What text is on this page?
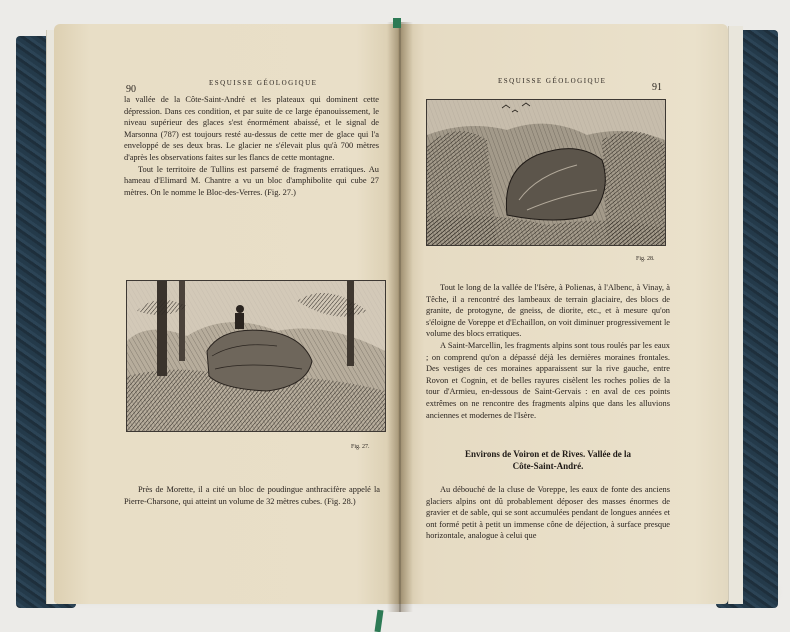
90
ESQUISSE GÉOLOGIQUE

la vallée de la Côte-Saint-André et les plateaux qui dominent cette dépression. Dans ces condition, et par suite de ce large épanouissement, le niveau supérieur des glaces s'est énormément abaissé, et le signal de Marsonna (787) est toujours resté au-dessus de cette mer de glace qui l'a enveloppé de ses deux bras. Le glacier ne s'élevait plus qu'à 700 mètres d'après les observations faites sur les flancs de cette montagne.

Tout le territoire de Tullins est parsemé de fragments erratiques. Au hameau d'Elimard M. Chantre a vu un bloc d'amphibolite qui cube 27 mètres. On le nomme le Bloc-des-Verres. (Fig. 27.)

Fig. 27.
Près de Morette, il a cité un bloc de poudingue anthracifère appelé la Pierre-Charsone, qui atteint un volume de 32 mètres cubes. (Fig. 28.)
ESQUISSE GÉOLOGIQUE
91
Fig. 28.

Tout le long de la vallée de l'Isère, à Polienas, à l'Albenc, à Vinay, à Têche, il a rencontré des lambeaux de terrain glaciaire, des blocs de granite, de protogyne, de gneiss, de diorite, etc., et à mesure qu'on s'éloigne de Voreppe et d'Echaillon, on voit diminuer progressivement le volume des blocs erratiques.

A Saint-Marcellin, les fragments alpins sont tous roulés par les eaux ; on comprend qu'on a dépassé déjà les dernières moraines frontales. Des vestiges de ces moraines apparaissent sur la rive gauche, entre Rovon et Cognin, et de belles rayures cisèlent les roches polies de la tour d'Armieu, en-dessous de Saint-Gervais : en aval de ces points extrêmes on ne rencontre des fragments alpins que dans les alluvions anciennes et modernes de l'Isère.

Environs de Voiron et de Rives. Vallée de la
Côte-Saint-André.
Au débouché de la cluse de Voreppe, les eaux de fonte des anciens glaciers alpins ont dû probablement déposer des masses énormes de gravier et de sable, qui se sont accumulées pendant de longues années et ont formé petit à petit un immense cône de déjection, à surface presque horizontale, analogue à celui que
